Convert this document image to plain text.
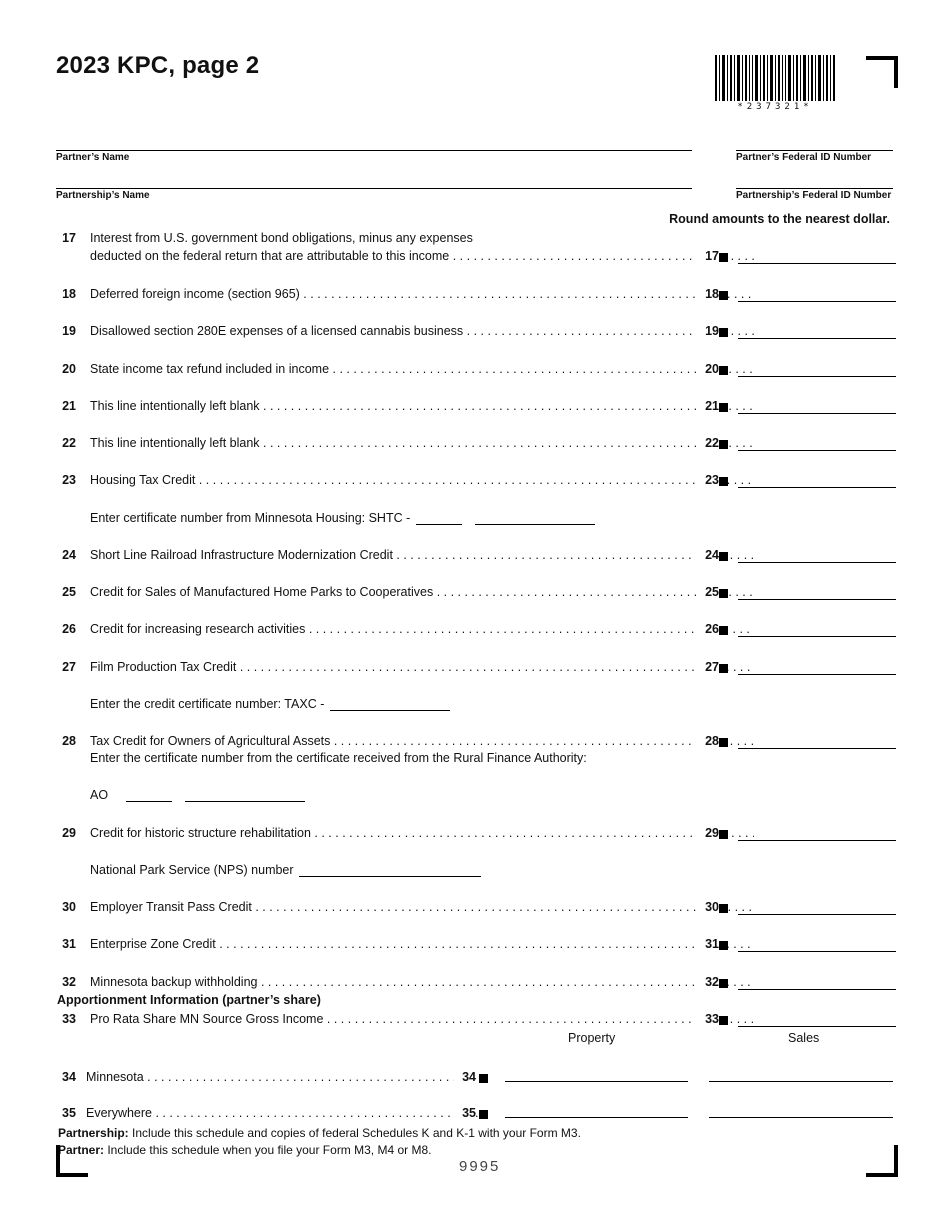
2023 KPC, page 2
*237321*
Partner’s Name	Partner’s Federal ID Number
Partnership’s Name	Partnership’s Federal ID Number
Round amounts to the nearest dollar.
17 Interest from U.S. government bond obligations, minus any expenses
deducted on the federal return that are attributable to this income . . .	17
18 Deferred foreign income (section 965) . . .	18
19 Disallowed section 280E expenses of a licensed cannabis business . . .	19
20 State income tax refund included in income . . .	20
21 This line intentionally left blank . . .	21
22 This line intentionally left blank . . .	22
23 Housing Tax Credit . . .	23
Enter certificate number from Minnesota Housing: SHTC -
24 Short Line Railroad Infrastructure Modernization Credit . . .	24
25 Credit for Sales of Manufactured Home Parks to Cooperatives . . .	25
26 Credit for increasing research activities . . .	26
27 Film Production Tax Credit . . .	27
Enter the credit certificate number: TAXC -
28 Tax Credit for Owners of Agricultural Assets . . .	28
Enter the certificate number from the certificate received from the Rural Finance Authority:
AO
29 Credit for historic structure rehabilitation . . .	29
National Park Service (NPS) number
30 Employer Transit Pass Credit . . .	30
31 Enterprise Zone Credit . . .	31
32 Minnesota backup withholding . . .	32
Apportionment Information (partner’s share)
33 Pro Rata Share MN Source Gross Income . . .	33
Property	Sales
34 Minnesota . . .	34
35 Everywhere . . .	35
Partnership: Include this schedule and copies of federal Schedules K and K-1 with your Form M3.
Partner: Include this schedule when you file your Form M3, M4 or M8.
9995
